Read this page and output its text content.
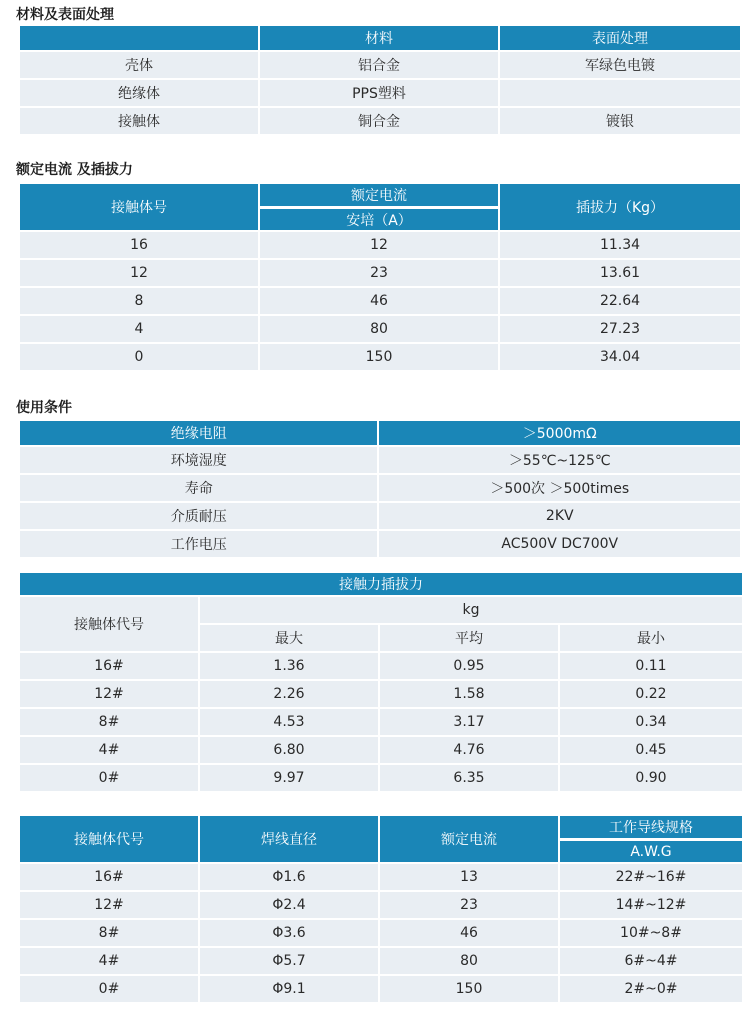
材料及表面处理
	材料	表面处理
壳体	铝合金	军绿色电镀
绝缘体	PPS塑料	
接触体	铜合金	镀银
额定电流 及插拔力
接触体号	额定电流	插拔力（Kg）
	安培（A）	
16	12	11.34
12	23	13.61
8	46	22.64
4	80	27.23
0	150	34.04
使用条件
绝缘电阻	＞5000mΩ
环境湿度	＞55℃~125℃
寿命	＞500次 ＞500times
介质耐压	2KV
工作电压	AC500V DC700V
接触力插拔力			
接触体代号	kg		
	最大	平均	最小
16#	1.36	0.95	0.11
12#	2.26	1.58	0.22
8#	4.53	3.17	0.34
4#	6.80	4.76	0.45
0#	9.97	6.35	0.90
接触体代号	焊线直径	额定电流	工作导线规格
			A.W.G
16#	Φ1.6	13	22#~16#
12#	Φ2.4	23	14#~12#
8#	Φ3.6	46	10#~8#
4#	Φ5.7	80	6#~4#
0#	Φ9.1	150	2#~0#
